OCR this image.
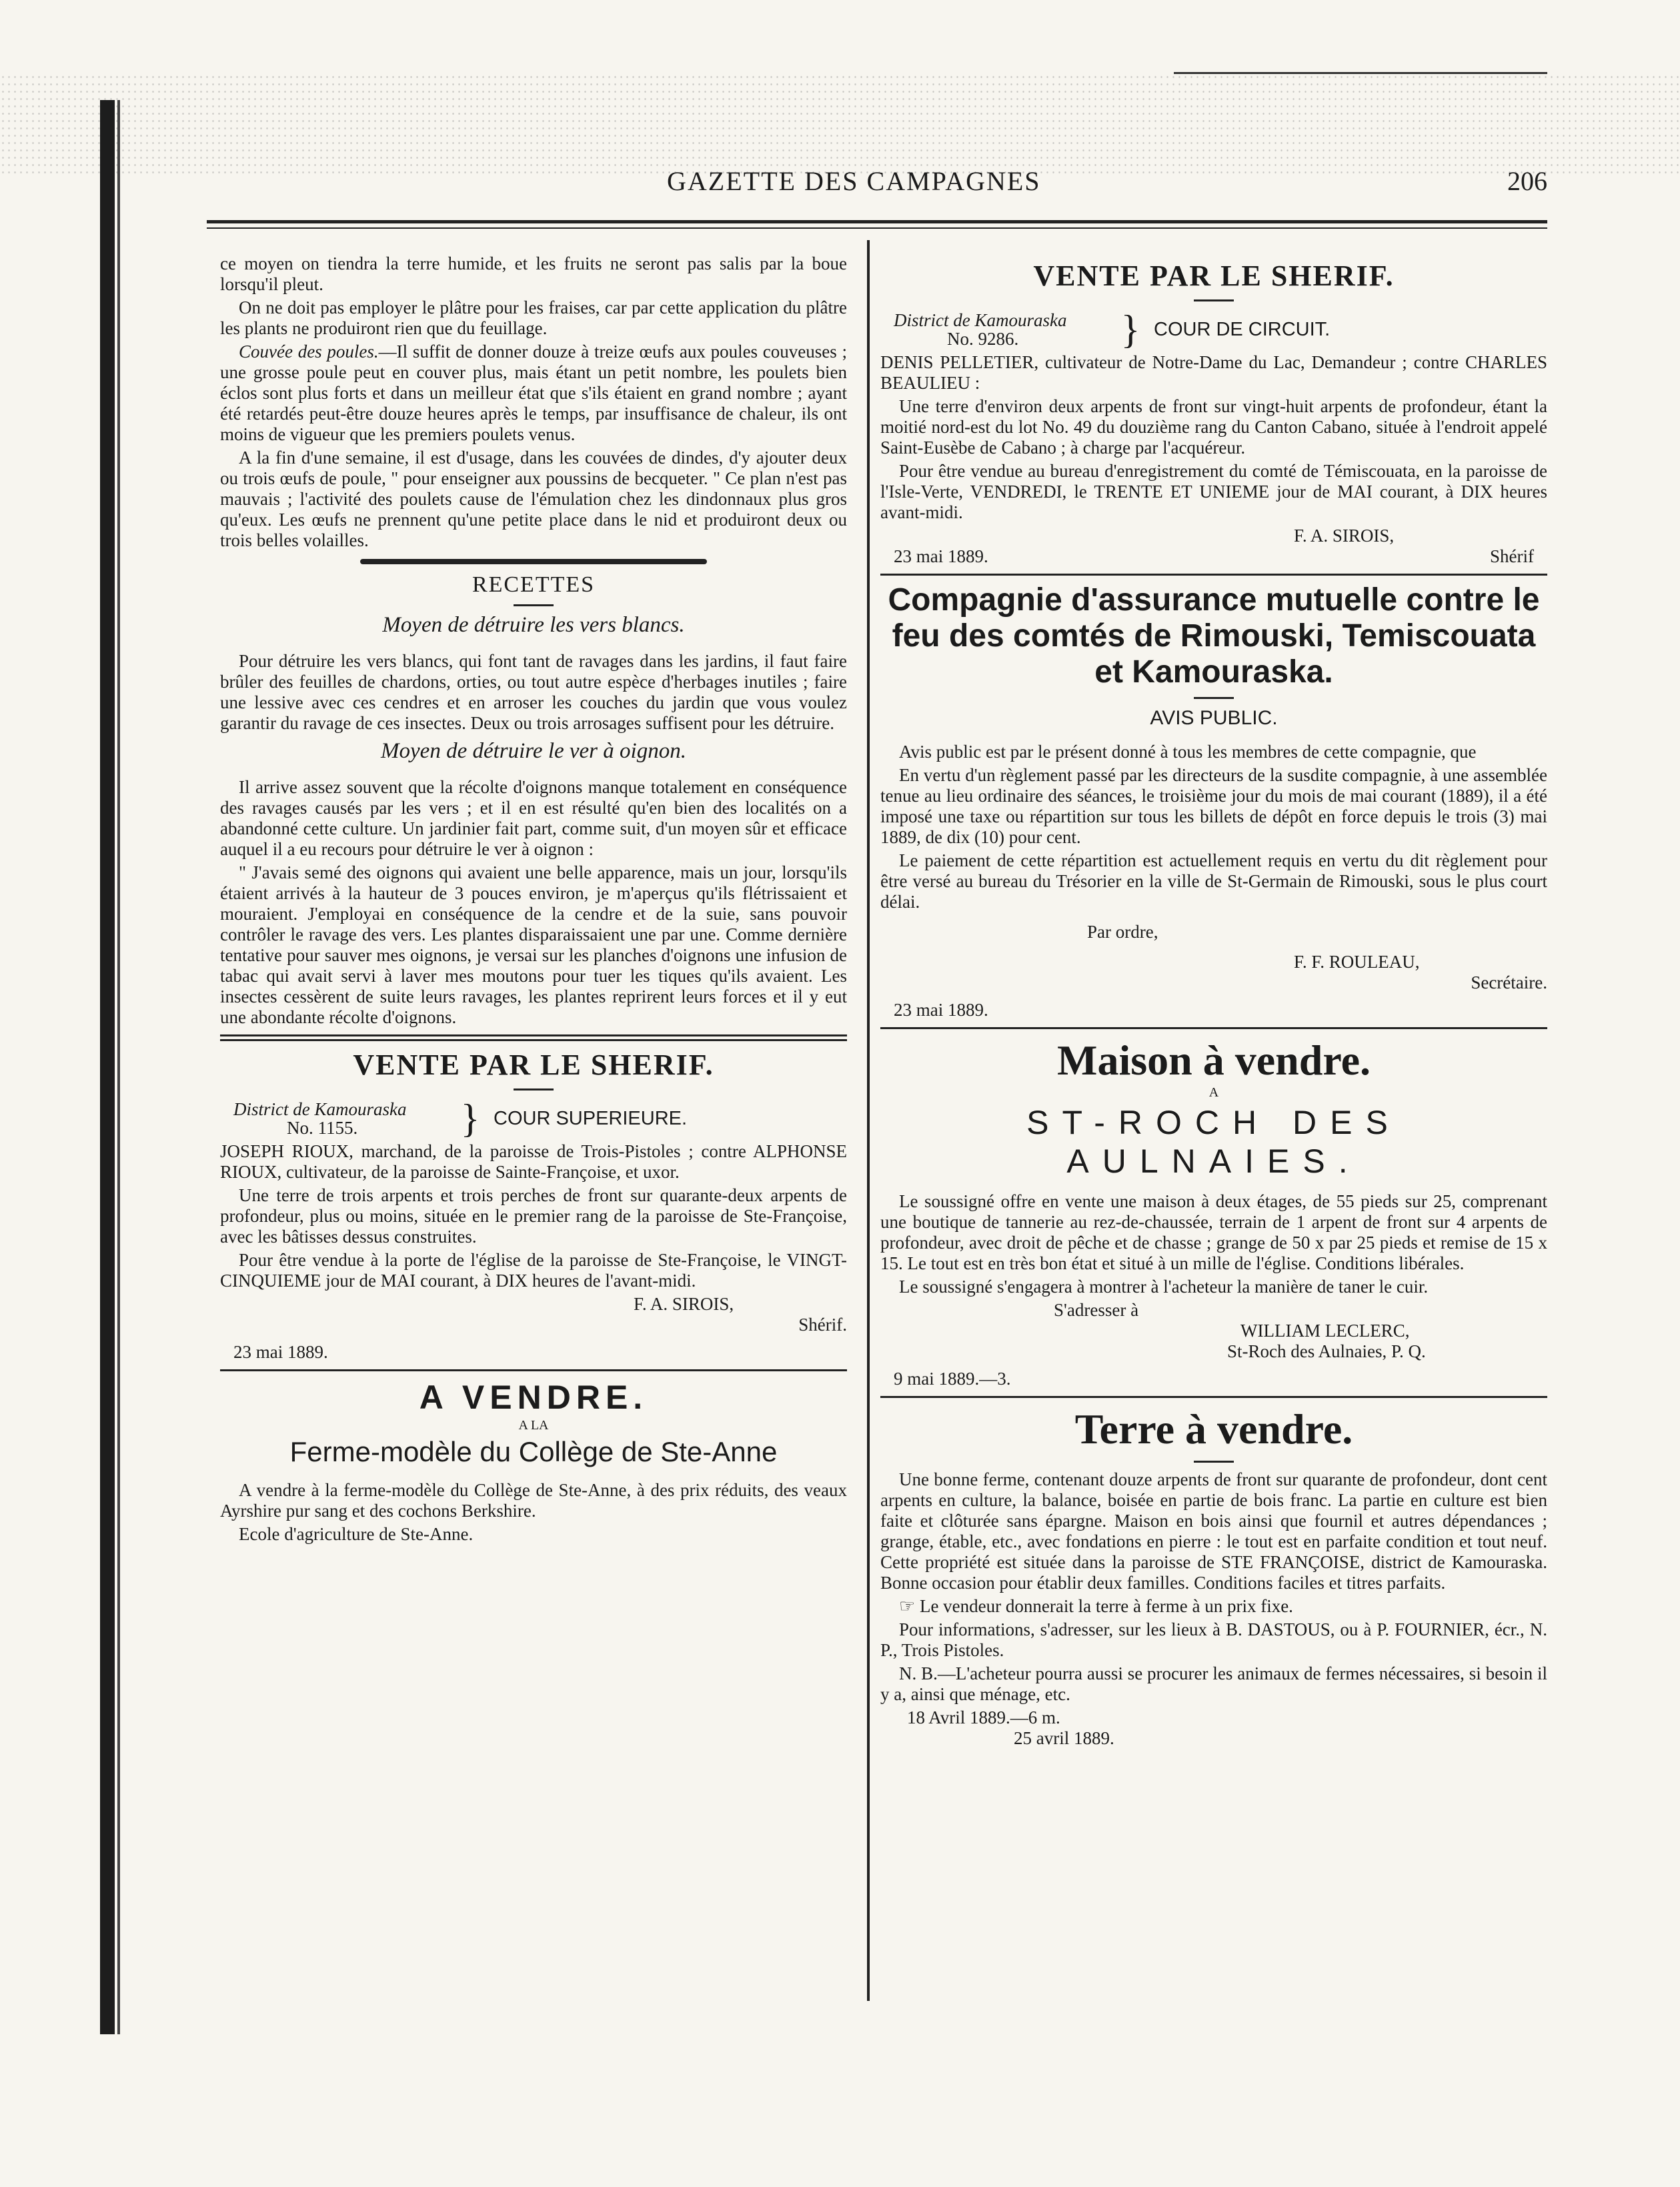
GAZETTE DES CAMPAGNES	206

ce moyen on tiendra la terre humide, et les fruits ne seront pas salis par la boue lorsqu'il pleut.

On ne doit pas employer le plâtre pour les fraises, car par cette application du plâtre les plants ne produiront rien que du feuillage.

Couvée des poules.—Il suffit de donner douze à treize œufs aux poules couveuses ; une grosse poule peut en couver plus, mais étant un petit nombre, les poulets bien éclos sont plus forts et dans un meilleur état que s'ils étaient en grand nombre ; ayant été retardés peut-être douze heures après le temps, par insuffisance de chaleur, ils ont moins de vigueur que les premiers poulets venus.

A la fin d'une semaine, il est d'usage, dans les couvées de dindes, d'y ajouter deux ou trois œufs de poule, " pour enseigner aux poussins de becqueter. " Ce plan n'est pas mauvais ; l'activité des poulets cause de l'émulation chez les dindonnaux plus gros qu'eux. Les œufs ne prennent qu'une petite place dans le nid et produiront deux ou trois belles volailles.

RECETTES
Moyen de détruire les vers blancs.

Pour détruire les vers blancs, qui font tant de ravages dans les jardins, il faut faire brûler des feuilles de chardons, orties, ou tout autre espèce d'herbages inutiles ; faire une lessive avec ces cendres et en arroser les couches du jardin que vous voulez garantir du ravage de ces insectes. Deux ou trois arrosages suffisent pour les détruire.

Moyen de détruire le ver à oignon.

Il arrive assez souvent que la récolte d'oignons manque totalement en conséquence des ravages causés par les vers ; et il en est résulté qu'en bien des localités on a abandonné cette culture. Un jardinier fait part, comme suit, d'un moyen sûr et efficace auquel il a eu recours pour détruire le ver à oignon :

" J'avais semé des oignons qui avaient une belle apparence, mais un jour, lorsqu'ils étaient arrivés à la hauteur de 3 pouces environ, je m'aperçus qu'ils flétrissaient et mouraient. J'employai en conséquence de la cendre et de la suie, sans pouvoir contrôler le ravage des vers. Les plantes disparaissaient une par une. Comme dernière tentative pour sauver mes oignons, je versai sur les planches d'oignons une infusion de tabac qui avait servi à laver mes moutons pour tuer les tiques qu'ils avaient. Les insectes cessèrent de suite leurs ravages, les plantes reprirent leurs forces et il y eut une abondante récolte d'oignons.

VENTE PAR LE SHERIF.
District de Kamouraska
No. 1155.	} COUR SUPERIEURE.

JOSEPH RIOUX, marchand, de la paroisse de Trois-Pistoles ; contre ALPHONSE RIOUX, cultivateur, de la paroisse de Sainte-Françoise, et uxor.

Une terre de trois arpents et trois perches de front sur quarante-deux arpents de profondeur, plus ou moins, située en le premier rang de la paroisse de Ste-Françoise, avec les bâtisses dessus construites.

Pour être vendue à la porte de l'église de la paroisse de Ste-Françoise, le VINGT-CINQUIEME jour de MAI courant, à DIX heures de l'avant-midi.

F. A. SIROIS,
Shérif.
23 mai 1889.
A VENDRE.
A LA
Ferme-modèle du Collège de Ste-Anne

A vendre à la ferme-modèle du Collège de Ste-Anne, à des prix réduits, des veaux Ayrshire pur sang et des cochons Berkshire.

Ecole d'agriculture de Ste-Anne.

VENTE PAR LE SHERIF.
District de Kamouraska
No. 9286.	} COUR DE CIRCUIT.

DENIS PELLETIER, cultivateur de Notre-Dame du Lac, Demandeur ; contre CHARLES BEAULIEU :

Une terre d'environ deux arpents de front sur vingt-huit arpents de profondeur, étant la moitié nord-est du lot No. 49 du douzième rang du Canton Cabano, située à l'endroit appelé Saint-Eusèbe de Cabano ; à charge par l'acquéreur.

Pour être vendue au bureau d'enregistrement du comté de Témiscouata, en la paroisse de l'Isle-Verte, VENDREDI, le TRENTE ET UNIEME jour de MAI courant, à DIX heures avant-midi.

F. A. SIROIS,
23 mai 1889.	Shérif
Compagnie d'assurance mutuelle contre le feu des comtés de Rimouski, Temiscouata et Kamouraska.
AVIS PUBLIC.

Avis public est par le présent donné à tous les membres de cette compagnie, que

En vertu d'un règlement passé par les directeurs de la susdite compagnie, à une assemblée tenue au lieu ordinaire des séances, le troisième jour du mois de mai courant (1889), il a été imposé une taxe ou répartition sur tous les billets de dépôt en force depuis le trois (3) mai 1889, de dix (10) pour cent.

Le paiement de cette répartition est actuellement requis en vertu du dit règlement pour être versé au bureau du Trésorier en la ville de St-Germain de Rimouski, sous le plus court délai.

Par ordre,
F. F. ROULEAU,
Secrétaire.
23 mai 1889.
Maison à vendre.
A
ST-ROCH DES AULNAIES.

Le soussigné offre en vente une maison à deux étages, de 55 pieds sur 25, comprenant une boutique de tannerie au rez-de-chaussée, terrain de 1 arpent de front sur 4 arpents de profondeur, avec droit de pêche et de chasse ; grange de 50 x par 25 pieds et remise de 15 x 15. Le tout est en très bon état et situé à un mille de l'église. Conditions libérales.

Le soussigné s'engagera à montrer à l'acheteur la manière de taner le cuir.

S'adresser à
WILLIAM LECLERC,
St-Roch des Aulnaies, P. Q.
9 mai 1889.—3.
Terre à vendre.

Une bonne ferme, contenant douze arpents de front sur quarante de profondeur, dont cent arpents en culture, la balance, boisée en partie de bois franc. La partie en culture est bien faite et clôturée sans épargne. Maison en bois ainsi que fournil et autres dépendances ; grange, étable, etc., avec fondations en pierre : le tout est en parfaite condition et tout neuf. Cette propriété est située dans la paroisse de STE FRANÇOISE, district de Kamouraska. Bonne occasion pour établir deux familles. Conditions faciles et titres parfaits.

☞ Le vendeur donnerait la terre à ferme à un prix fixe.

Pour informations, s'adresser, sur les lieux à B. DASTOUS, ou à P. FOURNIER, écr., N. P., Trois Pistoles.

N. B.—L'acheteur pourra aussi se procurer les animaux de fermes nécessaires, si besoin il y a, ainsi que ménage, etc.

18 Avril 1889.—6 m.
25 avril 1889.
